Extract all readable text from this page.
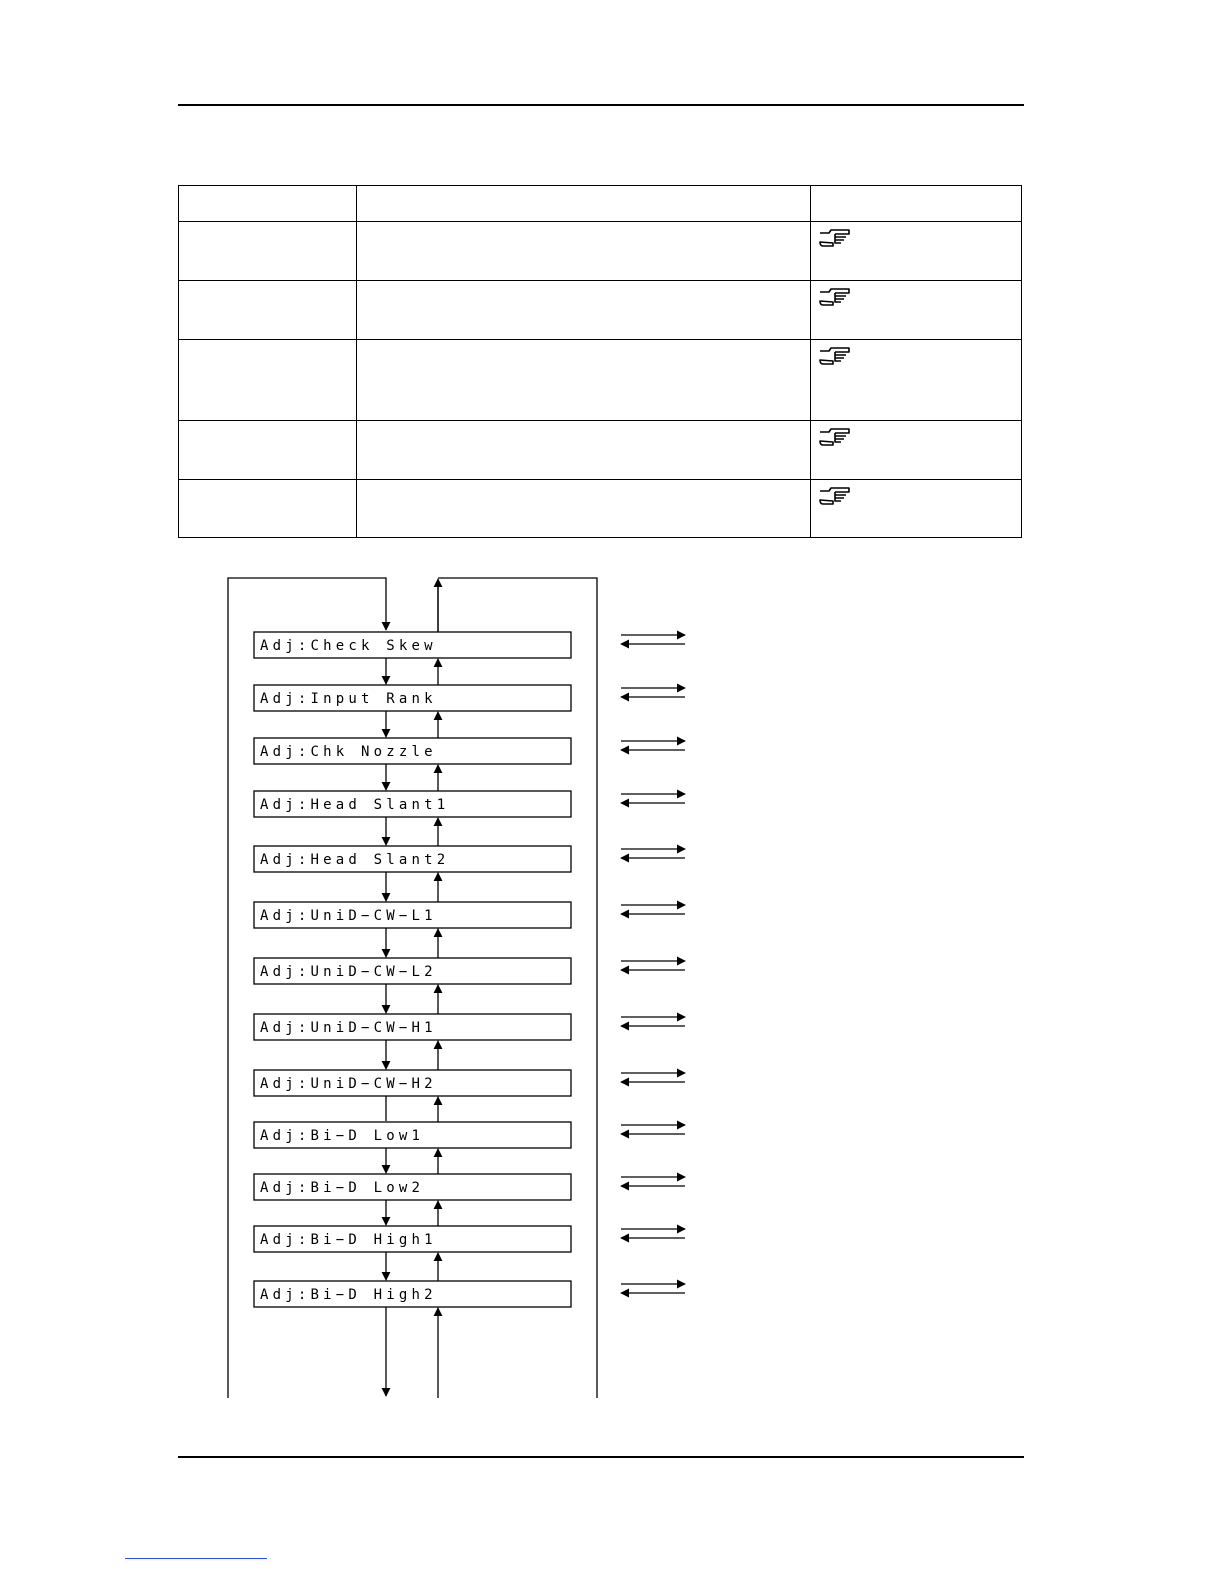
Adj:Check Skew
Adj:Input Rank
Adj:Chk Nozzle
Adj:Head Slant1
Adj:Head Slant2
Adj:UniD−CW−L1
Adj:UniD−CW−L2
Adj:UniD−CW−H1
Adj:UniD−CW−H2
Adj:Bi−D Low1
Adj:Bi−D Low2
Adj:Bi−D High1
Adj:Bi−D High2
